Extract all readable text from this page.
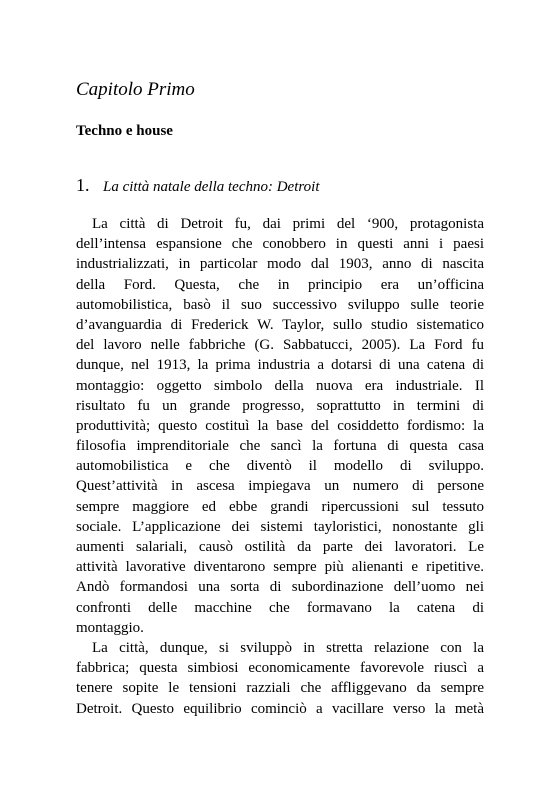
Capitolo Primo
Techno e house
1. La città natale della techno: Detroit
La città di Detroit fu, dai primi del ‘900, protagonista
dell’intensa espansione che conobbero in questi anni i paesi
industrializzati, in particolar modo dal 1903, anno di nascita
della Ford. Questa, che in principio era un’officina
automobilistica, basò il suo successivo sviluppo sulle teorie
d’avanguardia di Frederick W. Taylor, sullo studio sistematico
del lavoro nelle fabbriche (G. Sabbatucci, 2005). La Ford fu
dunque, nel 1913, la prima industria a dotarsi di una catena di
montaggio: oggetto simbolo della nuova era industriale. Il
risultato fu un grande progresso, soprattutto in termini di
produttività; questo costituì la base del cosiddetto fordismo: la
filosofia imprenditoriale che sancì la fortuna di questa casa
automobilistica e che diventò il modello di sviluppo.
Quest’attività in ascesa impiegava un numero di persone
sempre maggiore ed ebbe grandi ripercussioni sul tessuto
sociale. L’applicazione dei sistemi tayloristici, nonostante gli
aumenti salariali, causò ostilità da parte dei lavoratori. Le
attività lavorative diventarono sempre più alienanti e ripetitive.
Andò formandosi una sorta di subordinazione dell’uomo nei
confronti delle macchine che formavano la catena di
montaggio.
La città, dunque, si sviluppò in stretta relazione con la
fabbrica; questa simbiosi economicamente favorevole riuscì a
tenere sopite le tensioni razziali che affliggevano da sempre
Detroit. Questo equilibrio cominciò a vacillare verso la metà
